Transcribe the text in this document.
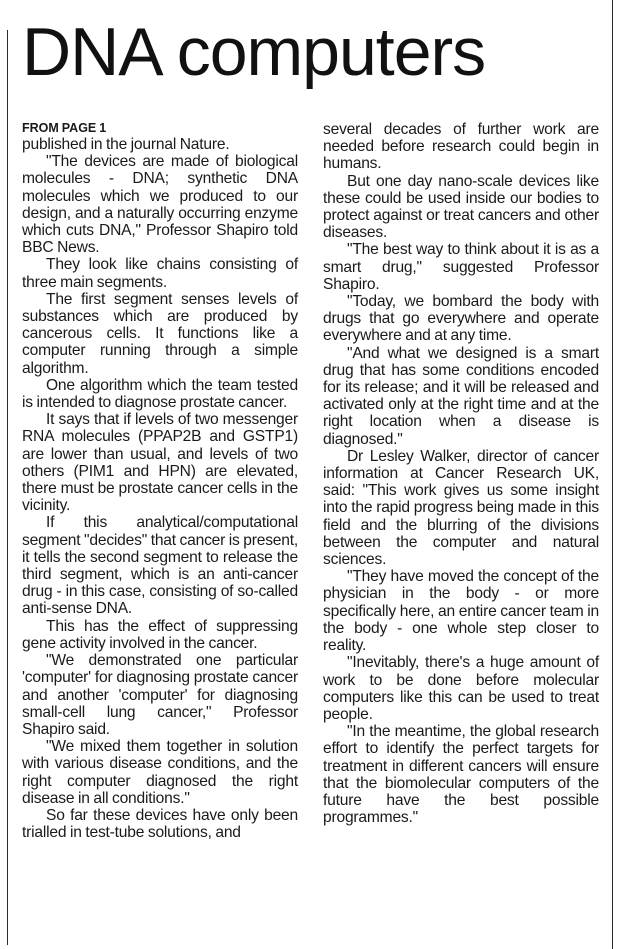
DNA computers
FROM PAGE 1

published in the journal Nature.

"The devices are made of biological molecules - DNA; synthetic DNA molecules which we produced to our design, and a naturally occurring enzyme which cuts DNA," Professor Shapiro told BBC News.

They look like chains consisting of three main segments.

The first segment senses levels of substances which are produced by cancerous cells. It functions like a computer running through a simple algorithm.

One algorithm which the team tested is intended to diagnose prostate cancer.

It says that if levels of two messenger RNA molecules (PPAP2B and GSTP1) are lower than usual, and levels of two others (PIM1 and HPN) are elevated, there must be prostate cancer cells in the vicinity.

If this analytical/computational segment "decides" that cancer is present, it tells the second segment to release the third segment, which is an anti-cancer drug - in this case, consisting of so-called anti-sense DNA.

This has the effect of suppressing gene activity involved in the cancer.

"We demonstrated one particular 'computer' for diagnosing prostate cancer and another 'computer' for diagnosing small-cell lung cancer," Professor Shapiro said.

"We mixed them together in solution with various disease conditions, and the right computer diagnosed the right disease in all conditions."

So far these devices have only been trialled in test-tube solutions, and

several decades of further work are needed before research could begin in humans.

But one day nano-scale devices like these could be used inside our bodies to protect against or treat cancers and other diseases.

"The best way to think about it is as a smart drug," suggested Professor Shapiro.

"Today, we bombard the body with drugs that go everywhere and operate everywhere and at any time.

"And what we designed is a smart drug that has some conditions encoded for its release; and it will be released and activated only at the right time and at the right location when a disease is diagnosed."

Dr Lesley Walker, director of cancer information at Cancer Research UK, said: "This work gives us some insight into the rapid progress being made in this field and the blurring of the divisions between the computer and natural sciences.

"They have moved the concept of the physician in the body - or more specifically here, an entire cancer team in the body - one whole step closer to reality.

"Inevitably, there's a huge amount of work to be done before molecular computers like this can be used to treat people.

"In the meantime, the global research effort to identify the perfect targets for treatment in different cancers will ensure that the biomolecular computers of the future have the best possible programmes."
